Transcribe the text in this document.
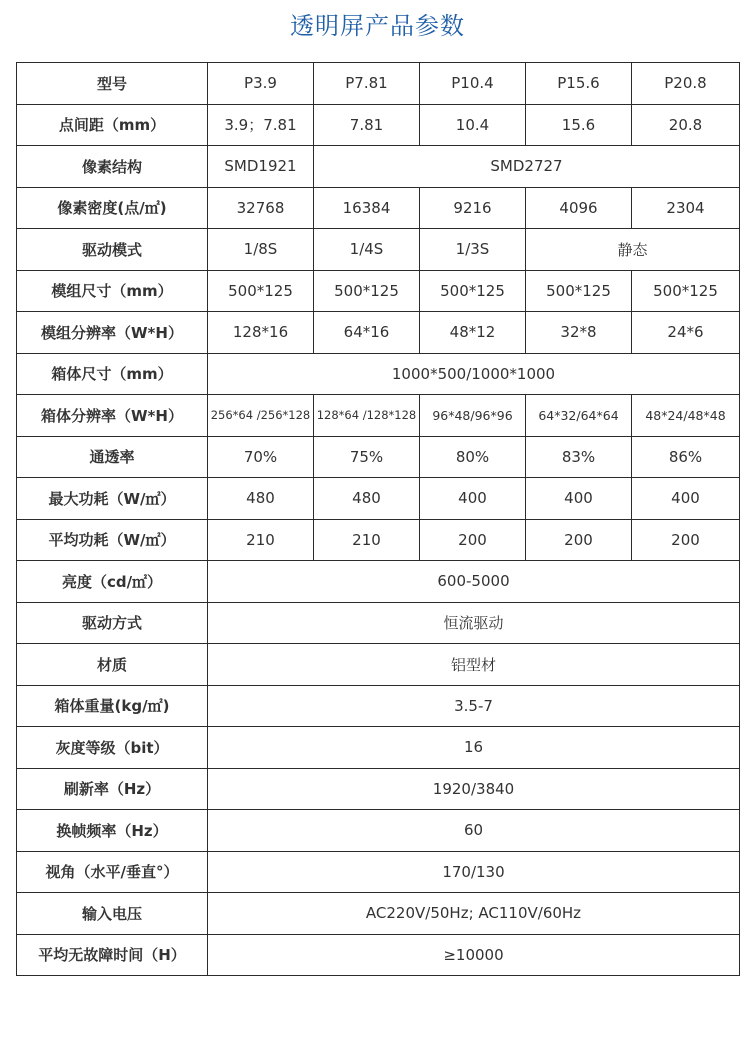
透明屏产品参数
型号	P3.9	P7.81	P10.4	P15.6	P20.8
点间距（mm）	3.9；7.81	7.81	10.4	15.6	20.8
像素结构	SMD1921	SMD2727			
像素密度(点/㎡)	32768	16384	9216	4096	2304
驱动模式	1/8S	1/4S	1/3S	静态	
模组尺寸（mm）	500*125	500*125	500*125	500*125	500*125
模组分辨率（W*H）	128*16	64*16	48*12	32*8	24*6
箱体尺寸（mm）	1000*500/1000*1000				
箱体分辨率（W*H）	256*64 /256*128	128*64 /128*128	96*48/96*96	64*32/64*64	48*24/48*48
通透率	70%	75%	80%	83%	86%
最大功耗（W/㎡）	480	480	400	400	400
平均功耗（W/㎡）	210	210	200	200	200
亮度（cd/㎡）	600-5000				
驱动方式	恒流驱动				
材质	铝型材				
箱体重量(kg/㎡)	3.5-7				
灰度等级（bit）	16				
刷新率（Hz）	1920/3840				
换帧频率（Hz）	60				
视角（水平/垂直°）	170/130				
输入电压	AC220V/50Hz; AC110V/60Hz				
平均无故障时间（H）	≥10000				
